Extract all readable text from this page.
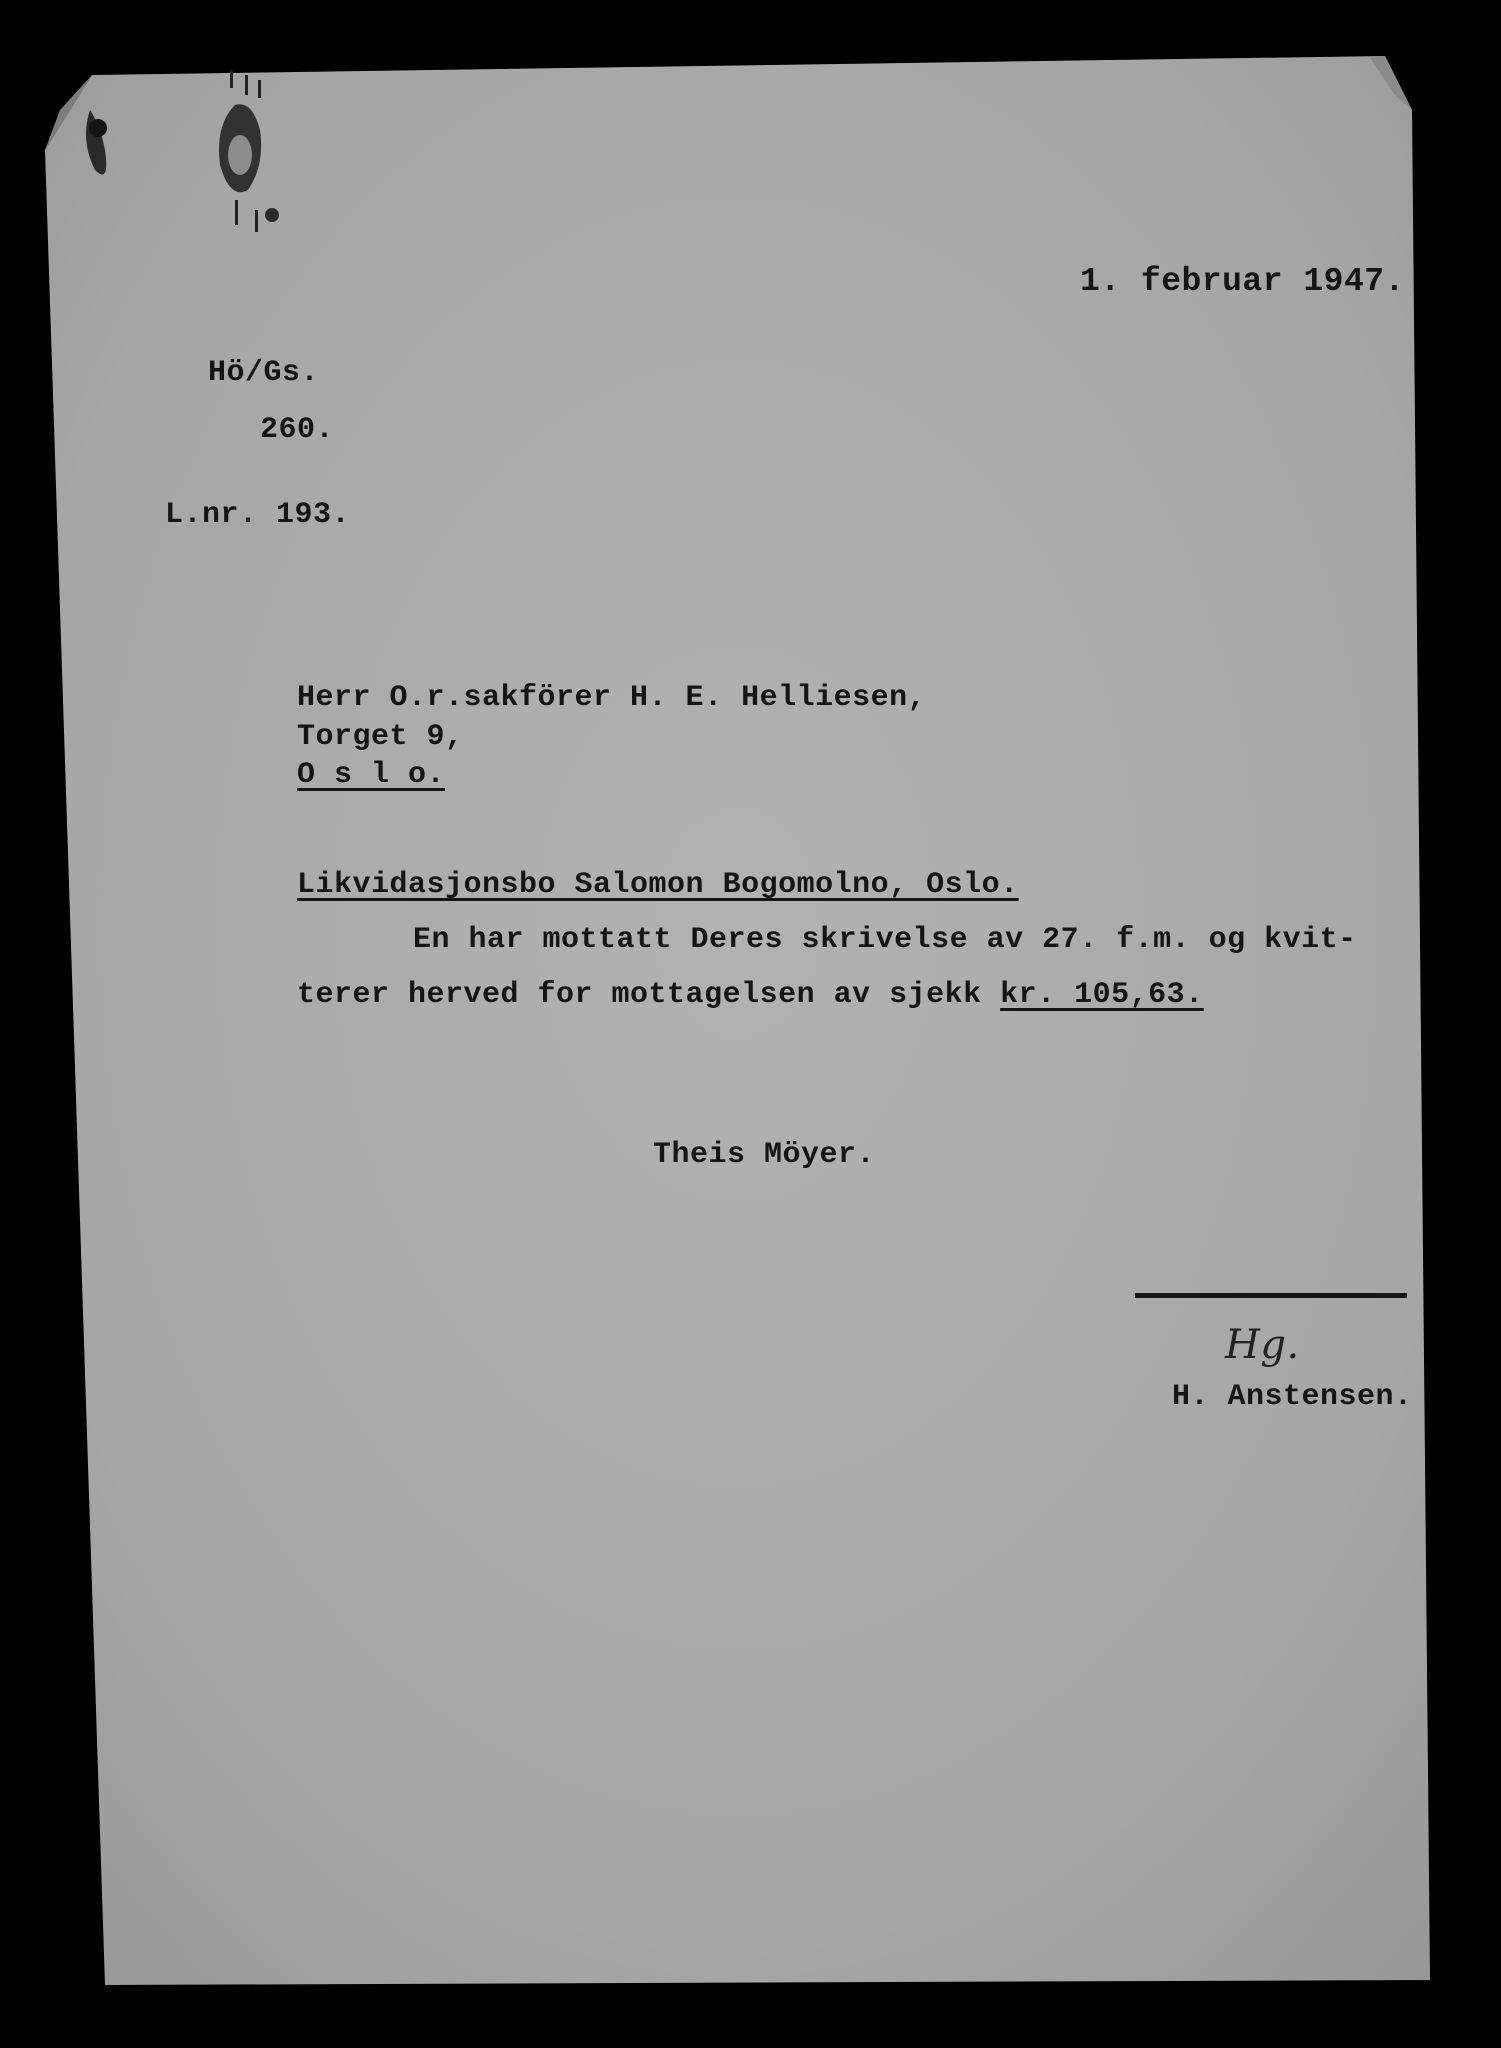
1. februar 1947.
Hö/Gs.
260.
L.nr. 193.
Herr O.r.sakförer H. E. Helliesen,
Torget 9,
O s l o.
Likvidasjonsbo Salomon Bogomolno, Oslo.
En har mottatt Deres skrivelse av 27. f.m. og kvit-
terer herved for mottagelsen av sjekk kr. 105,63.
Theis Möyer.
Hg.
H. Anstensen.
